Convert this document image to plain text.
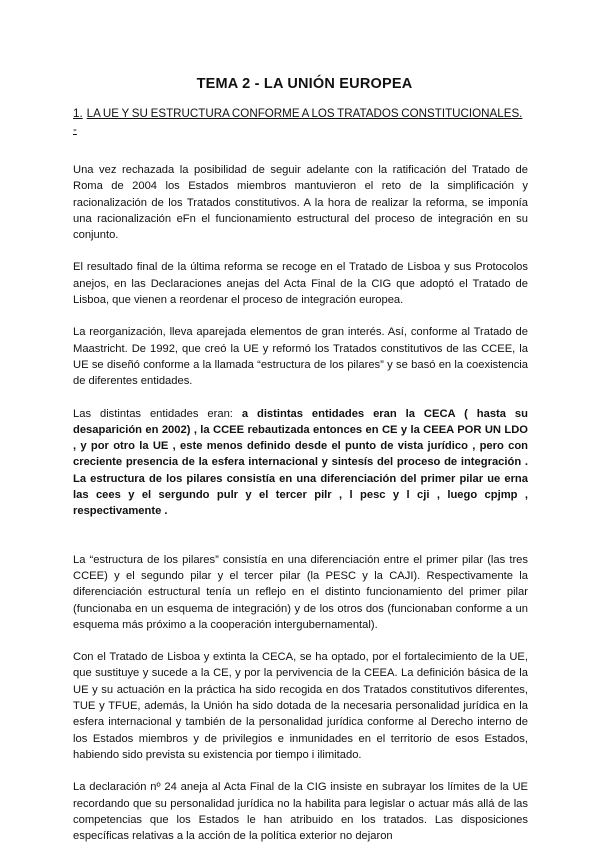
TEMA 2 - LA UNIÓN EUROPEA
1. LA UE Y SU ESTRUCTURA CONFORME A LOS TRATADOS CONSTITUCIONALES.
-

Una vez rechazada la posibilidad de seguir adelante con la ratificación del Tratado de Roma de 2004 los Estados miembros mantuvieron el reto de la simplificación y racionalización de los Tratados constitutivos. A la hora de realizar la reforma, se imponía una racionalización eFn el funcionamiento estructural del proceso de integración en su conjunto.

El resultado final de la última reforma se recoge en el Tratado de Lisboa y sus Protocolos anejos, en las Declaraciones anejas del Acta Final de la CIG que adoptó el Tratado de Lisboa, que vienen a reordenar el proceso de integración europea.

La reorganización, lleva aparejada elementos de gran interés. Así, conforme al Tratado de Maastricht. De 1992, que creó la UE y reformó los Tratados constitutivos de las CCEE, la UE se diseñó conforme a la llamada “estructura de los pilares” y se basó en la coexistencia de diferentes entidades.

Las distintas entidades eran: a distintas entidades eran la CECA ( hasta su desaparición en 2002) , la CCEE rebautizada entonces en CE y la CEEA POR UN LDO , y por otro la UE , este menos definido desde el punto de vista jurídico , pero con creciente presencia de la esfera internacional y sintesís del proceso de integración . La estructura de los pilares consistía en una diferenciación del primer pilar ue erna las cees y el sergundo pulr y el tercer pilr , l pesc y l cji , luego cpjmp , respectivamente .

La “estructura de los pilares” consistía en una diferenciación entre el primer pilar (las tres CCEE) y el segundo pilar y el tercer pilar (la PESC y la CAJI). Respectivamente la diferenciación estructural tenía un reflejo en el distinto funcionamiento del primer pilar (funcionaba en un esquema de integración) y de los otros dos (funcionaban conforme a un esquema más próximo a la cooperación intergubernamental).

Con el Tratado de Lisboa y extinta la CECA, se ha optado, por el fortalecimiento de la UE, que sustituye y sucede a la CE, y por la pervivencia de la CEEA. La definición básica de la UE y su actuación en la práctica ha sido recogida en dos Tratados constitutivos diferentes, TUE y TFUE, además, la Unión ha sido dotada de la necesaria personalidad jurídica en la esfera internacional y también de la personalidad jurídica conforme al Derecho interno de los Estados miembros y de privilegios e inmunidades en el territorio de esos Estados, habiendo sido prevista su existencia por tiempo i ilimitado.

La declaración nº 24 aneja al Acta Final de la CIG insiste en subrayar los límites de la UE recordando que su personalidad jurídica no la habilita para legislar o actuar más allá de las competencias que los Estados le han atribuido en los tratados. Las disposiciones específicas relativas a la acción de la política exterior no dejaron
